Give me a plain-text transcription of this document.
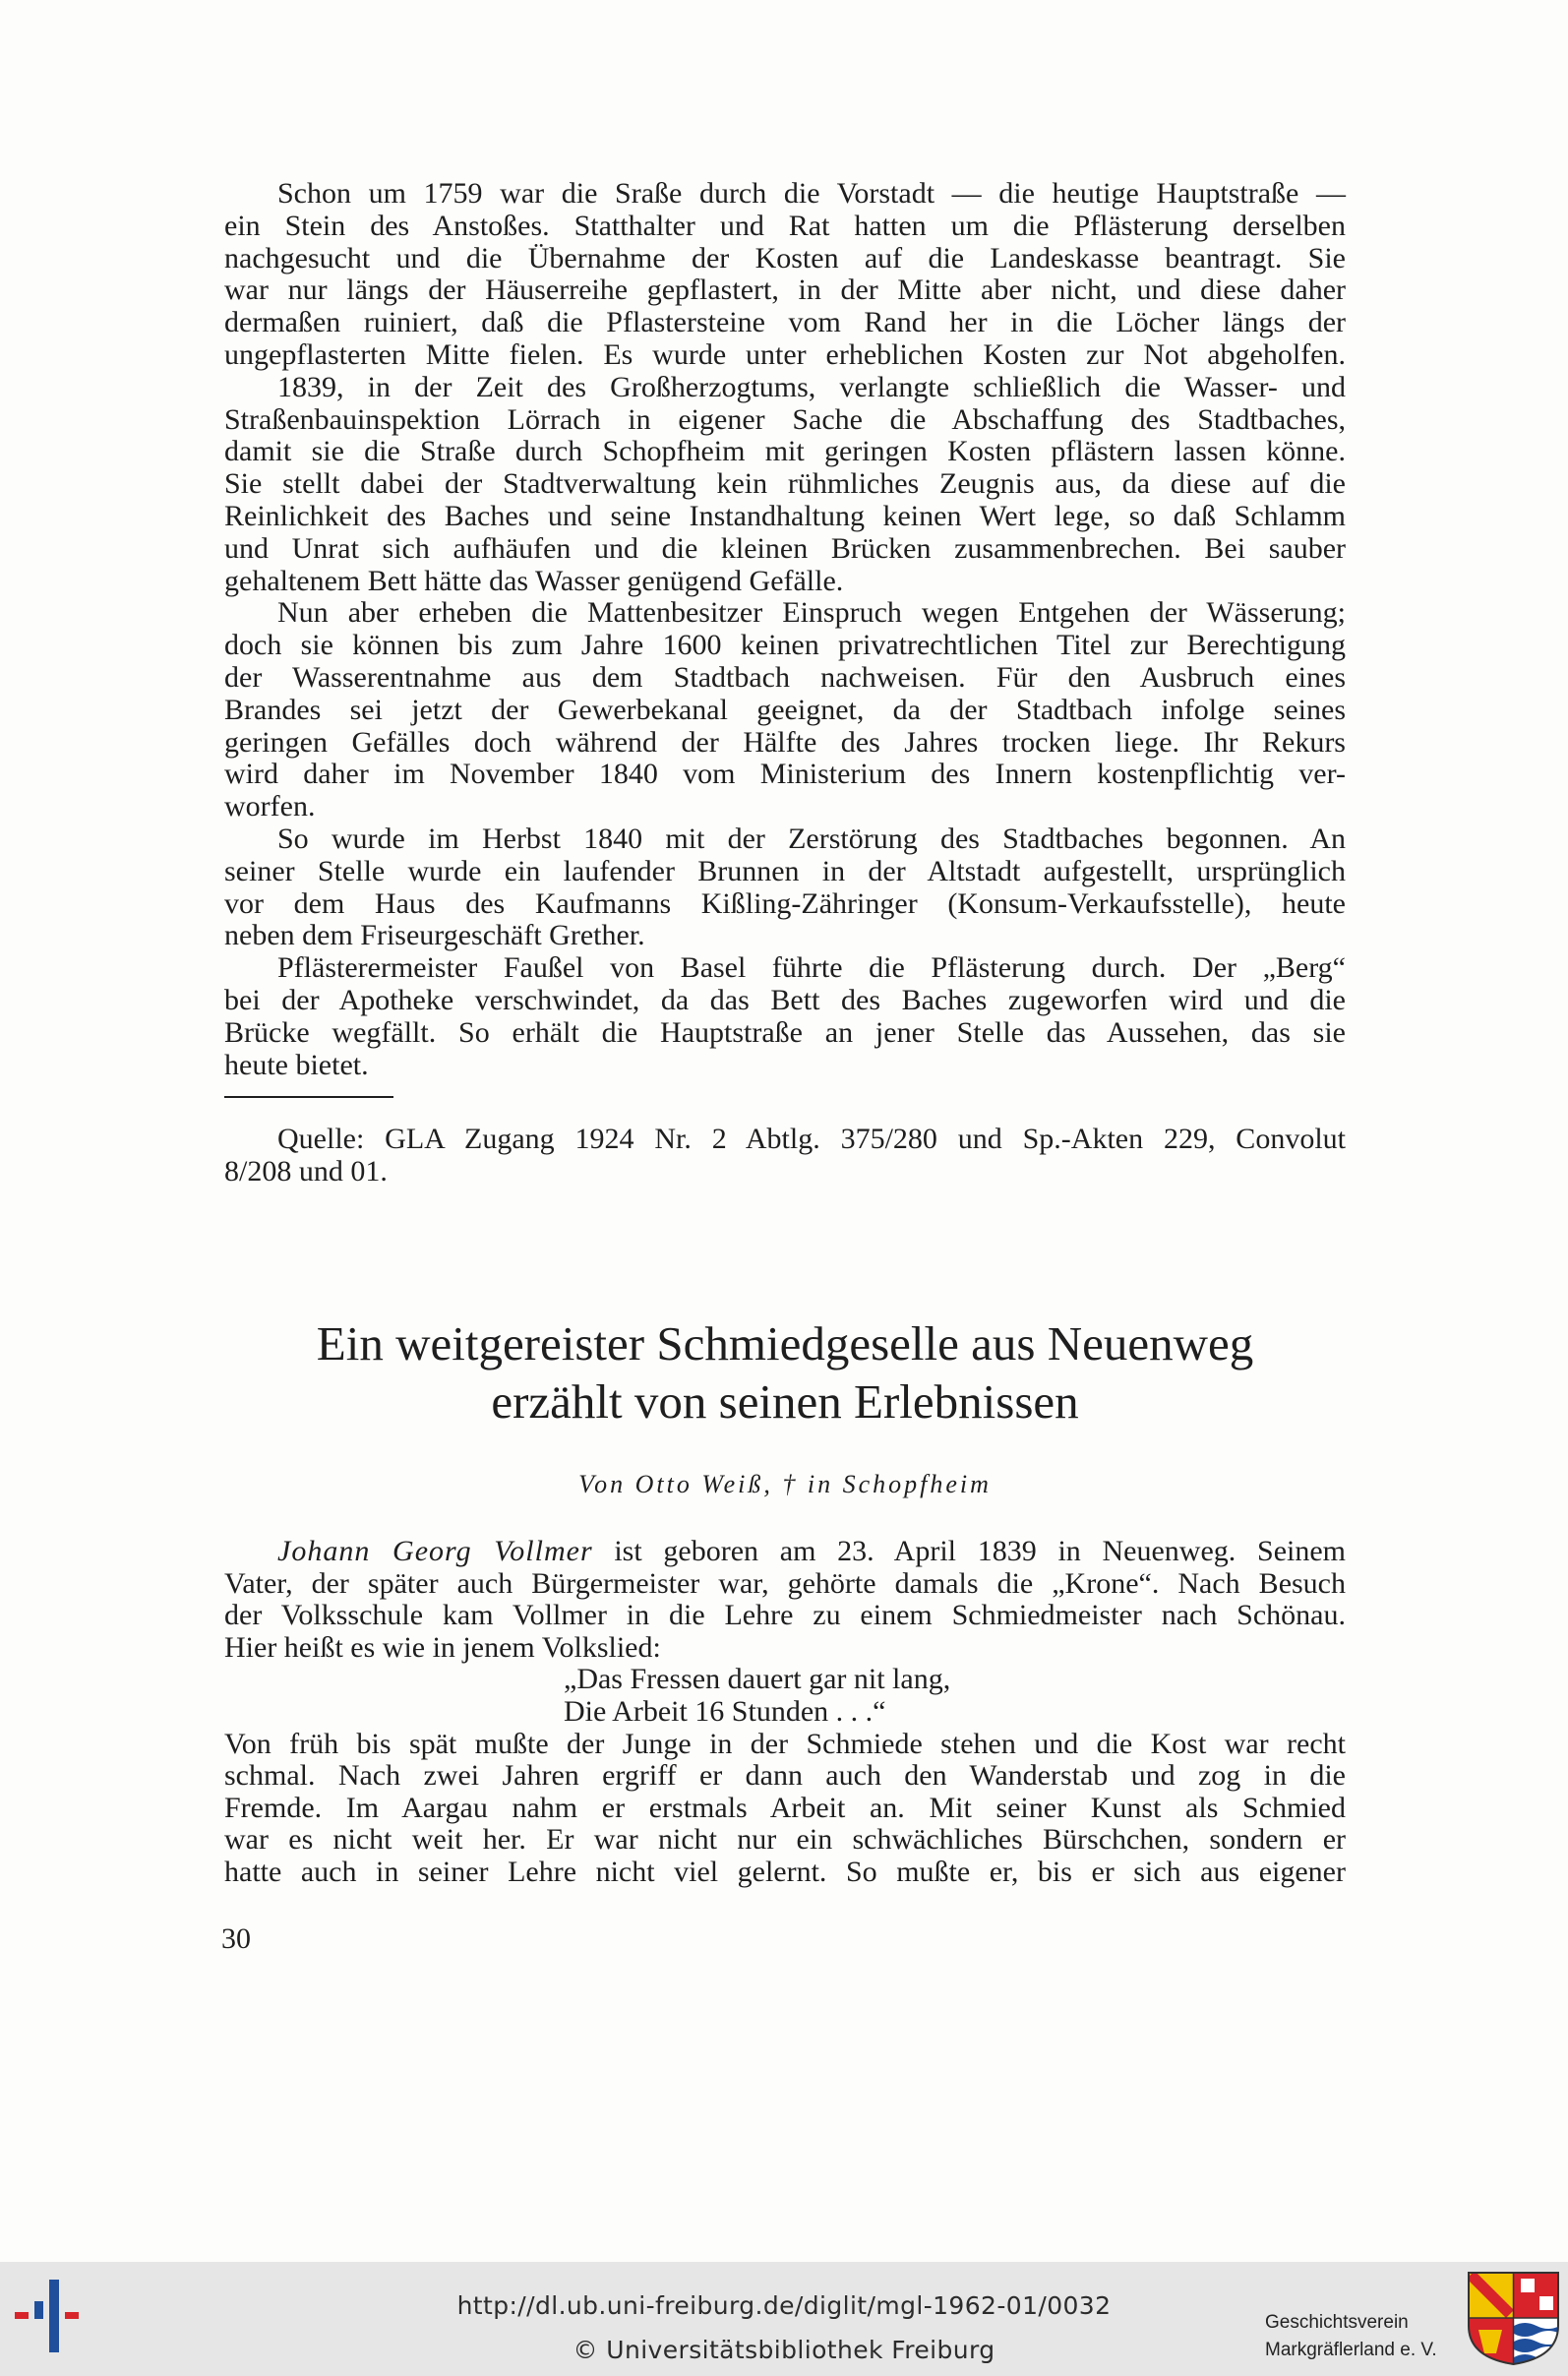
Schon um 1759 war die Sraße durch die Vorstadt — die heutige Hauptstraße —
ein Stein des Anstoßes. Statthalter und Rat hatten um die Pflästerung derselben
nachgesucht und die Übernahme der Kosten auf die Landeskasse beantragt. Sie
war nur längs der Häuserreihe gepflastert, in der Mitte aber nicht, und diese daher
dermaßen ruiniert, daß die Pflastersteine vom Rand her in die Löcher längs der
ungepflasterten Mitte fielen. Es wurde unter erheblichen Kosten zur Not abgeholfen.
1839, in der Zeit des Großherzogtums, verlangte schließlich die Wasser- und
Straßenbauinspektion Lörrach in eigener Sache die Abschaffung des Stadtbaches,
damit sie die Straße durch Schopfheim mit geringen Kosten pflästern lassen könne.
Sie stellt dabei der Stadtverwaltung kein rühmliches Zeugnis aus, da diese auf die
Reinlichkeit des Baches und seine Instandhaltung keinen Wert lege, so daß Schlamm
und Unrat sich aufhäufen und die kleinen Brücken zusammenbrechen. Bei sauber
gehaltenem Bett hätte das Wasser genügend Gefälle.
Nun aber erheben die Mattenbesitzer Einspruch wegen Entgehen der Wässerung;
doch sie können bis zum Jahre 1600 keinen privatrechtlichen Titel zur Berechtigung
der Wasserentnahme aus dem Stadtbach nachweisen. Für den Ausbruch eines
Brandes sei jetzt der Gewerbekanal geeignet, da der Stadtbach infolge seines
geringen Gefälles doch während der Hälfte des Jahres trocken liege. Ihr Rekurs
wird daher im November 1840 vom Ministerium des Innern kostenpflichtig ver-
worfen.
So wurde im Herbst 1840 mit der Zerstörung des Stadtbaches begonnen. An
seiner Stelle wurde ein laufender Brunnen in der Altstadt aufgestellt, ursprünglich
vor dem Haus des Kaufmanns Kißling-Zähringer (Konsum-Verkaufsstelle), heute
neben dem Friseurgeschäft Grether.
Pflästerermeister Faußel von Basel führte die Pflästerung durch. Der „Berg“
bei der Apotheke verschwindet, da das Bett des Baches zugeworfen wird und die
Brücke wegfällt. So erhält die Hauptstraße an jener Stelle das Aussehen, das sie
heute bietet.
Quelle: GLA Zugang 1924 Nr. 2 Abtlg. 375/280 und Sp.-Akten 229, Convolut
8/208 und 01.
Ein weitgereister Schmiedgeselle aus Neuenweg
erzählt von seinen Erlebnissen
Von Otto Weiß, † in Schopfheim
Johann Georg Vollmer ist geboren am 23. April 1839 in Neuenweg. Seinem
Vater, der später auch Bürgermeister war, gehörte damals die „Krone“. Nach Besuch
der Volksschule kam Vollmer in die Lehre zu einem Schmiedmeister nach Schönau.
Hier heißt es wie in jenem Volkslied:
„Das Fressen dauert gar nit lang,
Die Arbeit 16 Stunden . . .“
Von früh bis spät mußte der Junge in der Schmiede stehen und die Kost war recht
schmal. Nach zwei Jahren ergriff er dann auch den Wanderstab und zog in die
Fremde. Im Aargau nahm er erstmals Arbeit an. Mit seiner Kunst als Schmied
war es nicht weit her. Er war nicht nur ein schwächliches Bürschchen, sondern er
hatte auch in seiner Lehre nicht viel gelernt. So mußte er, bis er sich aus eigener
30
http://dl.ub.uni-freiburg.de/diglit/mgl-1962-01/0032
© Universitätsbibliothek Freiburg
Geschichtsverein
Markgräflerland e. V.
